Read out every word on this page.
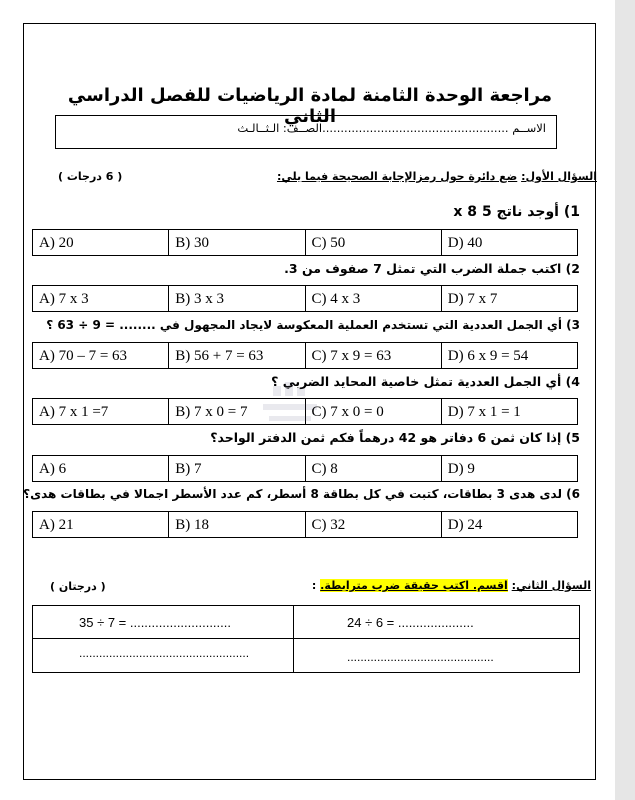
مراجعة الوحدة الثامنة لمادة الرياضيات للفصل الدراسي الثاني
الاســم ...................................................الصــف: الـثــالـث
السؤال الأول: ضع دائرة حول رمزالإجابة الصحيحة فيما يلي:
( 6 درجات )
1) أوجد ناتج 5 x 8
A) 20	B) 30	C) 50	D) 40
2) اكتب جملة الضرب التي تمثل 7 صفوف من 3.
A) 7 x 3	B) 3 x 3	C) 4 x 3	D) 7 x 7
3) أي الجمل العددية التي تستخدم العملية المعكوسة لايجاد المجهول في ........ = 9 ÷ 63 ؟
A) 70 – 7 = 63	B) 56 + 7 = 63	C) 7 x 9 = 63	D) 6 x 9 = 54
4) أي الجمل العددية تمثل خاصية المحايد الضربي ؟
A) 7 x 1 =7	B) 7 x 0 = 7	C) 7 x 0 = 0	D) 7 x 1 = 1
5) إذا كان ثمن 6 دفاتر هو 42 درهماً فكم ثمن الدفتر الواحد؟
A) 6	B) 7	C) 8	D) 9
6) لدى هدى 3 بطاقات، كتبت في كل بطاقة 8 أسطر، كم عدد الأسطر اجمالا في بطاقات هدى؟
A) 21	B) 18	C) 32	D) 24
السؤال الثاني: اقسم. اكتب حقيقة ضرب مترابطة. :
( درجتان )
35 ÷ 7 = ............................	24 ÷ 6 = .....................
...................................................	............................................
